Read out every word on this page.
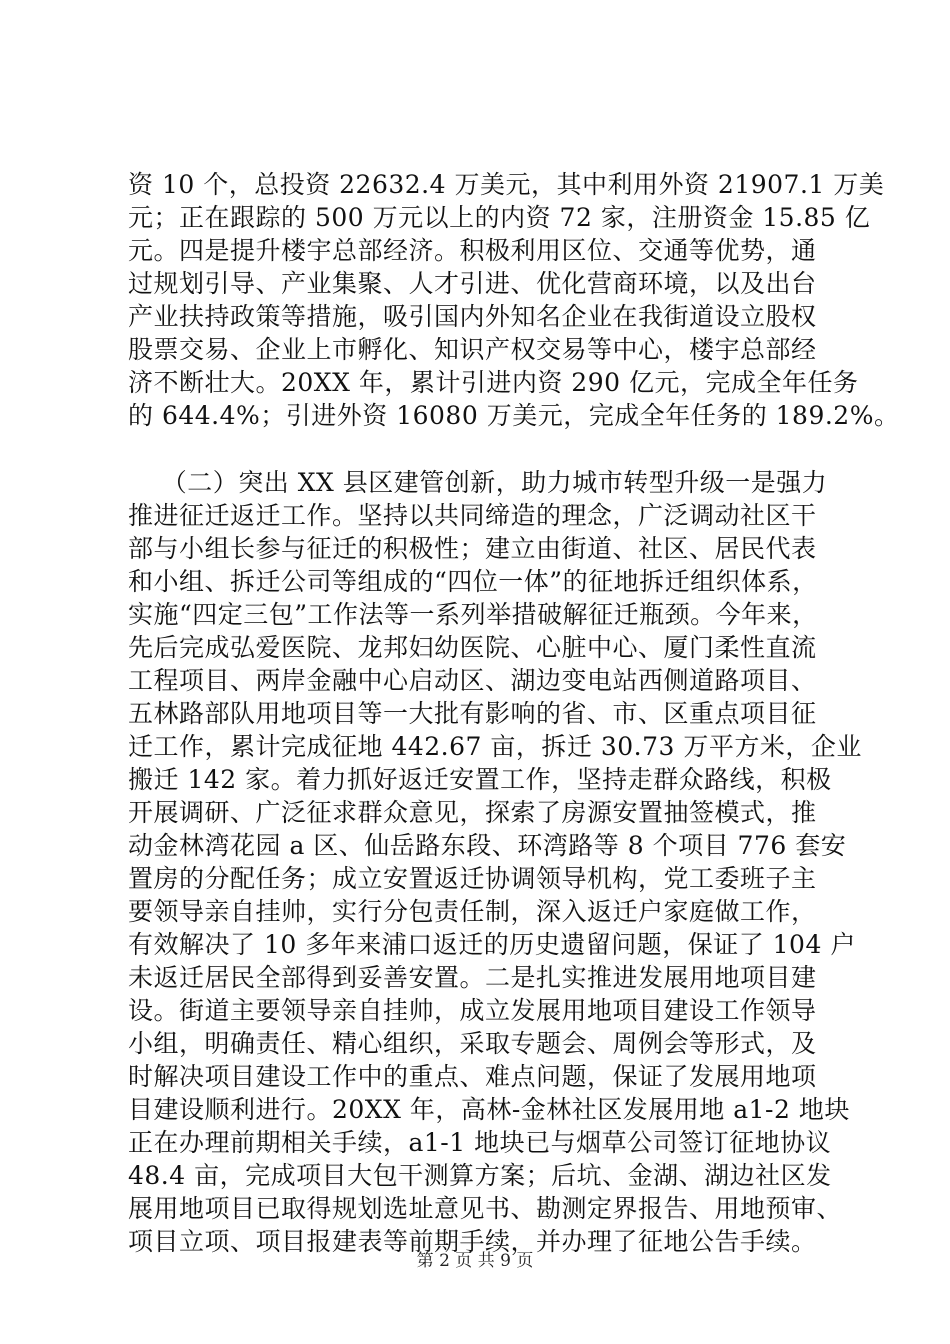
资 10 个，总投资 22632.4 万美元，其中利用外资 21907.1 万美
元；正在跟踪的 500 万元以上的内资 72 家，注册资金 15.85 亿
元。四是提升楼宇总部经济。积极利用区位、交通等优势，通
过规划引导、产业集聚、人才引进、优化营商环境，以及出台
产业扶持政策等措施，吸引国内外知名企业在我街道设立股权
股票交易、企业上市孵化、知识产权交易等中心，楼宇总部经
济不断壮大。20XX 年，累计引进内资 290 亿元，完成全年任务
的 644.4%；引进外资 16080 万美元，完成全年任务的 189.2%。
（二）突出 XX 县区建管创新，助力城市转型升级一是强力
推进征迁返迁工作。坚持以共同缔造的理念，广泛调动社区干
部与小组长参与征迁的积极性；建立由街道、社区、居民代表
和小组、拆迁公司等组成的“四位一体”的征地拆迁组织体系，
实施“四定三包”工作法等一系列举措破解征迁瓶颈。今年来，
先后完成弘爱医院、龙邦妇幼医院、心脏中心、厦门柔性直流
工程项目、两岸金融中心启动区、湖边变电站西侧道路项目、
五林路部队用地项目等一大批有影响的省、市、区重点项目征
迁工作，累计完成征地 442.67 亩，拆迁 30.73 万平方米，企业
搬迁 142 家。着力抓好返迁安置工作，坚持走群众路线，积极
开展调研、广泛征求群众意见，探索了房源安置抽签模式，推
动金林湾花园 a 区、仙岳路东段、环湾路等 8 个项目 776 套安
置房的分配任务；成立安置返迁协调领导机构，党工委班子主
要领导亲自挂帅，实行分包责任制，深入返迁户家庭做工作，
有效解决了 10 多年来浦口返迁的历史遗留问题，保证了 104 户
未返迁居民全部得到妥善安置。二是扎实推进发展用地项目建
设。街道主要领导亲自挂帅，成立发展用地项目建设工作领导
小组，明确责任、精心组织，采取专题会、周例会等形式，及
时解决项目建设工作中的重点、难点问题，保证了发展用地项
目建设顺利进行。20XX 年，高林-金林社区发展用地 a1-2 地块
正在办理前期相关手续，a1-1 地块已与烟草公司签订征地协议
48.4 亩，完成项目大包干测算方案；后坑、金湖、湖边社区发
展用地项目已取得规划选址意见书、勘测定界报告、用地预审、
项目立项、项目报建表等前期手续，并办理了征地公告手续。
第 2 页 共 9 页
